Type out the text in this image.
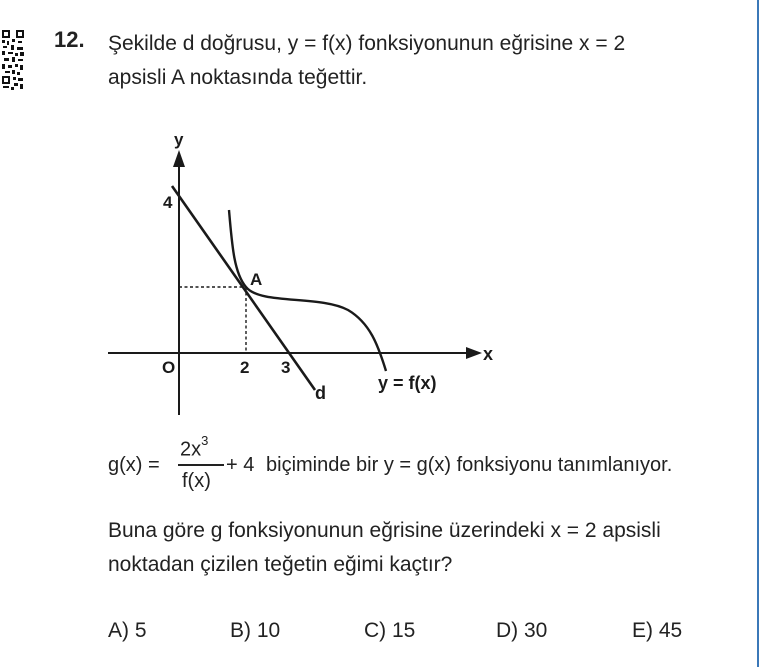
12. Şekilde d doğrusu, y = f(x) fonksiyonunun eğrisine x = 2
apsisli A noktasında teğettir.

y
x
O
4
2 3
A
d	y = f(x)
g(x) =
$2x^3$
f(x)
+ 4 biçiminde bir y = g(x) fonksiyonu tanımlanıyor.

Buna göre g fonksiyonunun eğrisine üzerindeki x = 2 apsisli
noktadan çizilen teğetin eğimi kaçtır?

A) 5	B) 10	C) 15	D) 30	E) 45
